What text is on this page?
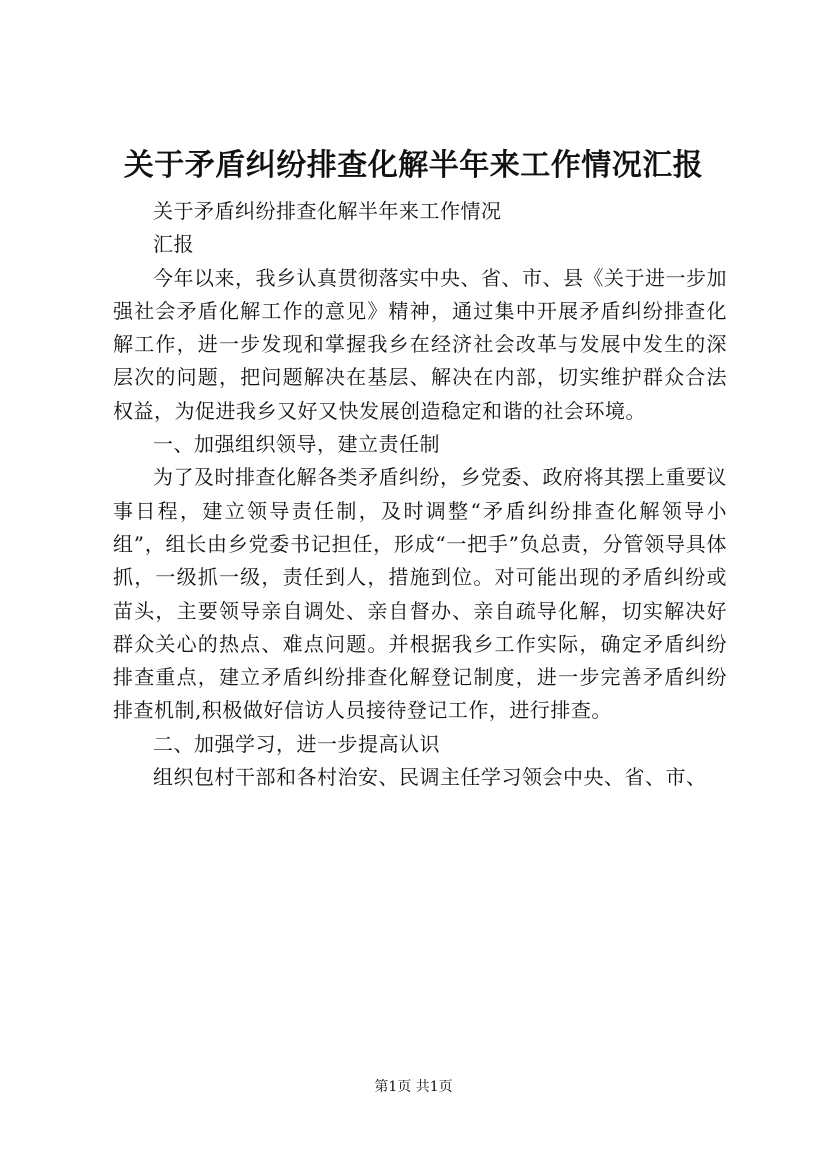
关于矛盾纠纷排查化解半年来工作情况汇报

关于矛盾纠纷排查化解半年来工作情况

汇报

今年以来，我乡认真贯彻落实中央、省、市、县《关于进一步加强社会矛盾化解工作的意见》精神，通过集中开展矛盾纠纷排查化解工作，进一步发现和掌握我乡在经济社会改革与发展中发生的深层次的问题，把问题解决在基层、解决在内部，切实维护群众合法权益，为促进我乡又好又快发展创造稳定和谐的社会环境。

一、加强组织领导，建立责任制

为了及时排查化解各类矛盾纠纷，乡党委、政府将其摆上重要议事日程，建立领导责任制，及时调整“矛盾纠纷排查化解领导小组”，组长由乡党委书记担任，形成“一把手”负总责，分管领导具体抓，一级抓一级，责任到人，措施到位。对可能出现的矛盾纠纷或苗头，主要领导亲自调处、亲自督办、亲自疏导化解，切实解决好群众关心的热点、难点问题。并根据我乡工作实际，确定矛盾纠纷排查重点，建立矛盾纠纷排查化解登记制度，进一步完善矛盾纠纷排查机制,积极做好信访人员接待登记工作，进行排查。

二、加强学习，进一步提高认识

组织包村干部和各村治安、民调主任学习领会中央、省、市、

第1页 共1页
